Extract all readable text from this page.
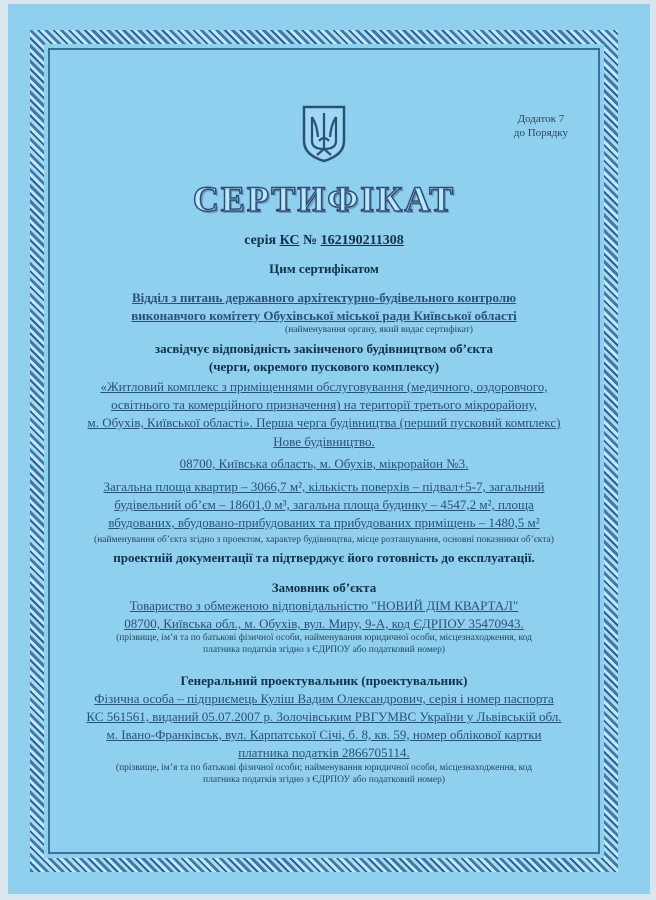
Додаток 7
до Порядку
СЕРТИФІКАТ
серія КС № 162190211308
Цим сертифікатом
Відділ з питань державного архітектурно-будівельного контролю
виконавчого комітету Обухівської міської ради Київської області
(найменування органу, який видає сертифікат)
засвідчує відповідність закінченого будівництвом об’єкта
(черги, окремого пускового комплексу)
«Житловий комплекс з приміщеннями обслуговування (медичного, оздоровчого,
освітнього та комерційного призначення) на території третього мікрорайону,
м. Обухів, Київської області». Перша черга будівництва (перший пусковий комплекс)
Нове будівництво.
08700, Київська область, м. Обухів, мікрорайон №3.
Загальна площа квартир – 3066,7 м², кількість поверхів – підвал+5-7, загальний
будівельний об’єм – 18601,0 м³, загальна площа будинку – 4547,2 м², площа
вбудованих, вбудовано-прибудованих та прибудованих приміщень – 1480,5 м²
(найменування об’єкта згідно з проектом, характер будівництва, місце розташування, основні показники об’єкта)
проектній документації та підтверджує його готовність до експлуатації.
Замовник об’єкта
Товариство з обмеженою відповідальністю "НОВИЙ ДІМ КВАРТАЛ"
08700, Київська обл., м. Обухів, вул. Миру, 9-А, код ЄДРПОУ 35470943.
(прізвище, ім’я та по батькові фізичної особи, найменування юридичної особи, місцезнаходження, код
платника податків згідно з ЄДРПОУ або податковий номер)
Генеральний проектувальник (проектувальник)
Фізична особа – підприємець Куліш Вадим Олександрович, серія і номер паспорта
КС 561561, виданий 05.07.2007 р. Золочівським РВГУМВС України у Львівській обл.
м. Івано-Франківськ, вул. Карпатської Січі, б. 8, кв. 59, номер облікової картки
платника податків 2866705114.
(прізвище, ім’я та по батькові фізичної особи; найменування юридичної особи, місцезнаходження, код
платника податків згідно з ЄДРПОУ або податковий номер)
